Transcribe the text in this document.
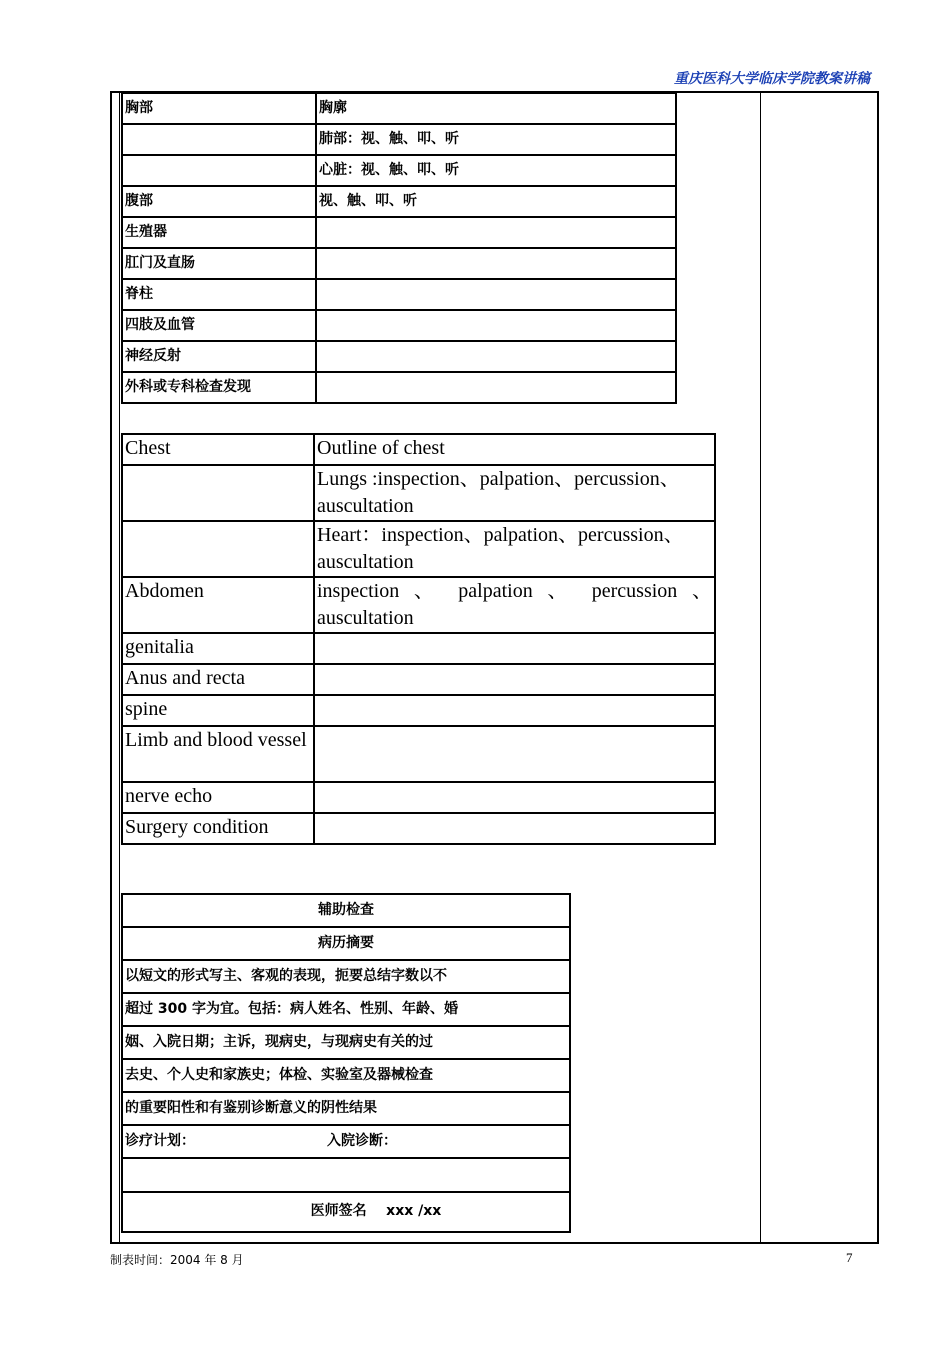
重庆医科大学临床学院教案讲稿
胸部	胸廓
	肺部：视、触、叩、听
	心脏：视、触、叩、听
腹部	视、触、叩、听
生殖器	
肛门及直肠	
脊柱	
四肢及血管	
神经反射	
外科或专科检查发现	
Chest	Outline of chest
	Lungs :inspection、palpation、percussion、auscultation
	Heart：inspection、palpation、percussion、auscultation
Abdomen	inspection 、 palpation 、 percussion 、 auscultation
genitalia	
Anus and recta	
spine	
Limb and blood vessel	
nerve echo	
Surgery condition	
辅助检查
病历摘要
以短文的形式写主、客观的表现，扼要总结字数以不
超过 300 字为宜。包括：病人姓名、性别、年龄、婚
姻、入院日期；主诉，现病史，与现病史有关的过
去史、个人史和家族史；体检、实验室及器械检查
的重要阳性和有鉴别诊断意义的阴性结果
诊疗计划：	入院诊断：

医师签名    xxx /xx
制表时间：2004 年 8 月	7
